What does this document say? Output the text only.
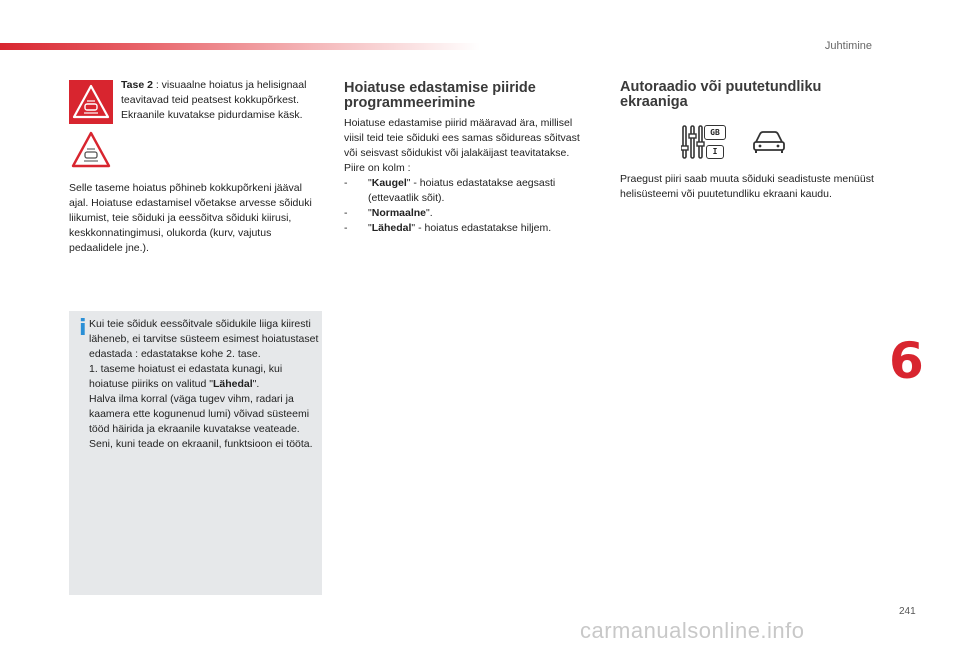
Juhtimine

Tase 2 : visuaalne hoiatus ja helisignaal teavitavad teid peatsest kokkupõrkest.

Ekraanile kuvatakse pidurdamise käsk.

Selle taseme hoiatus põhineb kokkupõrkeni jääval ajal. Hoiatuse edastamisel võetakse arvesse sõiduki liikumist, teie sõiduki ja eessõitva sõiduki kiirusi, keskkonnatingimusi, olukorda (kurv, vajutus pedaalidele jne.).

i Kui teie sõiduk eessõitvale sõidukile liiga kiiresti läheneb, ei tarvitse süsteem esimest hoiatustaset edastada : edastatakse kohe 2. tase.

1. taseme hoiatust ei edastata kunagi, kui hoiatuse piiriks on valitud "Lähedal".

Halva ilma korral (väga tugev vihm, radari ja kaamera ette kogunenud lumi) võivad süsteemi tööd häirida ja ekraanile kuvatakse veateade. Seni, kuni teade on ekraanil, funktsioon ei tööta.

Hoiatuse edastamise piiride programmeerimine

Hoiatuse edastamise piirid määravad ära, millisel viisil teid teie sõiduki ees samas sõidureas sõitvast või seisvast sõidukist või jalakäijast teavitatakse.

Piire on kolm :

-	"Kaugel" - hoiatus edastatakse aegsasti (ettevaatlik sõit).
-	"Normaalne".
-	"Lähedal" - hoiatus edastatakse hiljem.
Autoraadio või puutetundliku ekraaniga
GB
I

Praegust piiri saab muuta sõiduki seadistuste menüüst helisüsteemi või puutetundliku ekraani kaudu.

6
241
carmanualsonline.info
